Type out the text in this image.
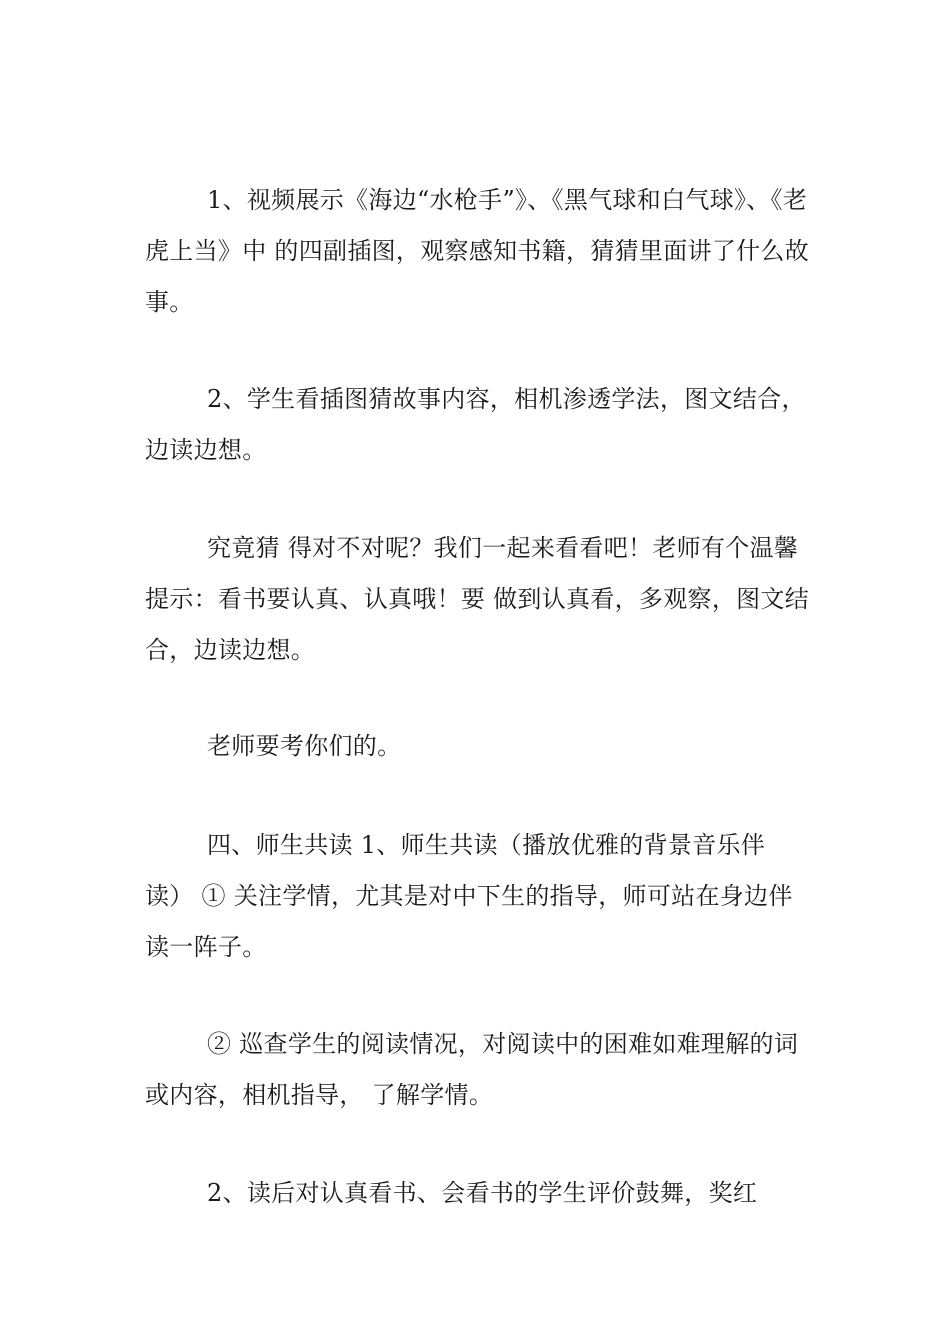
1、视频展示《海边“水枪手”》、《黑气球和白气球》、《老虎上当》中 的四副插图，观察感知书籍，猜猜里面讲了什么故事。
2、学生看插图猜故事内容，相机渗透学法，图文结合，边读边想。
究竟猜 得对不对呢？我们一起来看看吧！老师有个温馨提示：看书要认真、认真哦！要 做到认真看，多观察，图文结合，边读边想。
老师要考你们的。
四、师生共读 1、师生共读（播放优雅的背景音乐伴读） ① 关注学情，尤其是对中下生的指导，师可站在身边伴读一阵子。
② 巡查学生的阅读情况，对阅读中的困难如难理解的词或内容，相机指导， 了解学情。
2、读后对认真看书、会看书的学生评价鼓舞，奖红
